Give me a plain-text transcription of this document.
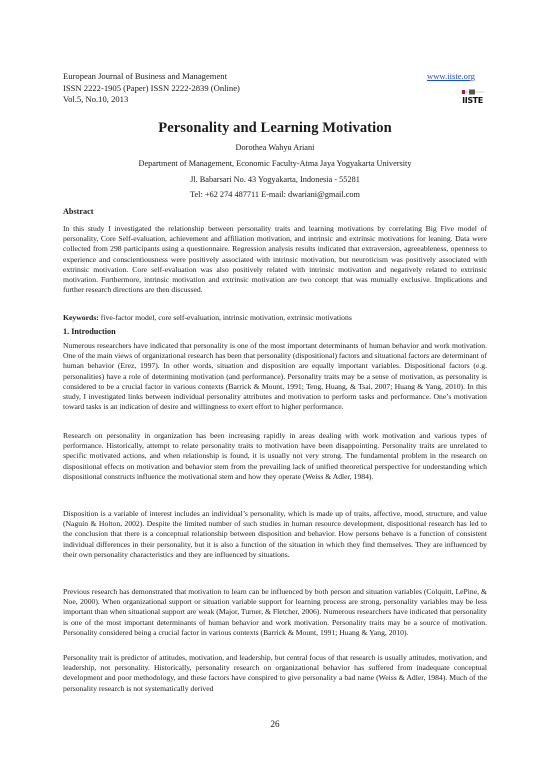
European Journal of Business and Management
ISSN 2222-1905 (Paper) ISSN 2222-2839 (Online)
Vol.5, No.10, 2013
www.iiste.org
IISTE
Personality and Learning Motivation
Dorothea Wahyu Ariani
Department of Management, Economic Faculty-Atma Jaya Yogyakarta University
Jl. Babarsari No. 43 Yogyakarta, Indonesia - 55281
Tel: +62 274 487711 E-mail: dwariani@gmail.com
Abstract
In this study I investigated the relationship between personality traits and learning motivations by correlating Big Five model of personality, Core Self-evaluation, achievement and affiliation motivation, and intrinsic and extrinsic motivations for leaning. Data were collected from 298 participants using a questionnaire. Regression analysis results indicated that extraversion, agreeableness, openness to experience and conscientiousness were positively associated with intrinsic motivation, but neuroticism was positively associated with extrinsic motivation. Core self-evaluation was also positively related with intrinsic motivation and negatively related to extrinsic motivation. Furthermore, intrinsic motivation and extrinsic motivation are two concept that was mutually exclusive. Implications and further research directions are then discussed.
Keywords: five-factor model, core self-evaluation, intrinsic motivation, extrinsic motivations
1. Introduction
Numerous researchers have indicated that personality is one of the most important determinants of human behavior and work motivation. One of the main views of organizational research has been that personality (dispositional) factors and situational factors are determinant of human behavior (Erez, 1997). In other words, situation and disposition are equally important variables. Dispositional factors (e.g. personalities) have a role of determining motivation (and performance). Personality traits may be a sense of motivation, as personality is considered to be a crucial factor in various contexts (Barrick & Mount, 1991; Teng, Huang, & Tsai, 2007; Huang & Yang, 2010). In this study, I investigated links between individual personality attributes and motivation to perform tasks and performance. One’s motivation toward tasks is an indication of desire and willingness to exert effort to higher performance.
Research on personality in organization has been increasing rapidly in areas dealing with work motivation and various types of performance. Historically, attempt to relate personality traits to motivation have been disappointing. Personality traits are unrelated to specific motivated actions, and when relationship is found, it is usually not very strong. The fundamental problem in the research on dispositional effects on motivation and behavior stem from the prevailing lack of unified theoretical perspective for understanding which dispositional constructs influence the motivational stem and how they operate (Weiss & Adler, 1984).
Disposition is a variable of interest includes an individual’s personality, which is made up of traits, affective, mood, structure, and value (Naguín & Holton, 2002). Despite the limited number of such studies in human resource development, dispositional research has led to the conclusion that there is a conceptual relationship between disposition and behavior. How persons behave is a function of consistent individual differences in their personality, but it is also a function of the situation in which they find themselves. They are influenced by their own personality characteristics and they are influenced by situations.
Previous research has demonstrated that motivation to learn can be influenced by both person and situation variables (Colquitt, LePine, & Noe, 2000). When organizational support or situation variable support for learning process are strong, personality variables may be less important than when situational support are weak (Major, Turner, & Fletcher, 2006). Numerous researchers have indicated that personality is one of the most important determinants of human behavior and work motivation. Personality traits may be a source of motivation. Personality considered being a crucial factor in various contexts (Barrick & Mount, 1991; Huang & Yang, 2010).
Personality trait is predictor of attitudes, motivation, and leadership, but central focus of that research is usually attitudes, motivation, and leadership, not personality. Historically, personality research on organizational behavior has suffered from inadequate conceptual development and poor methodology, and these factors have conspired to give personality a bad name (Weiss & Adler, 1984). Much of the personality research is not systematically derived
26
